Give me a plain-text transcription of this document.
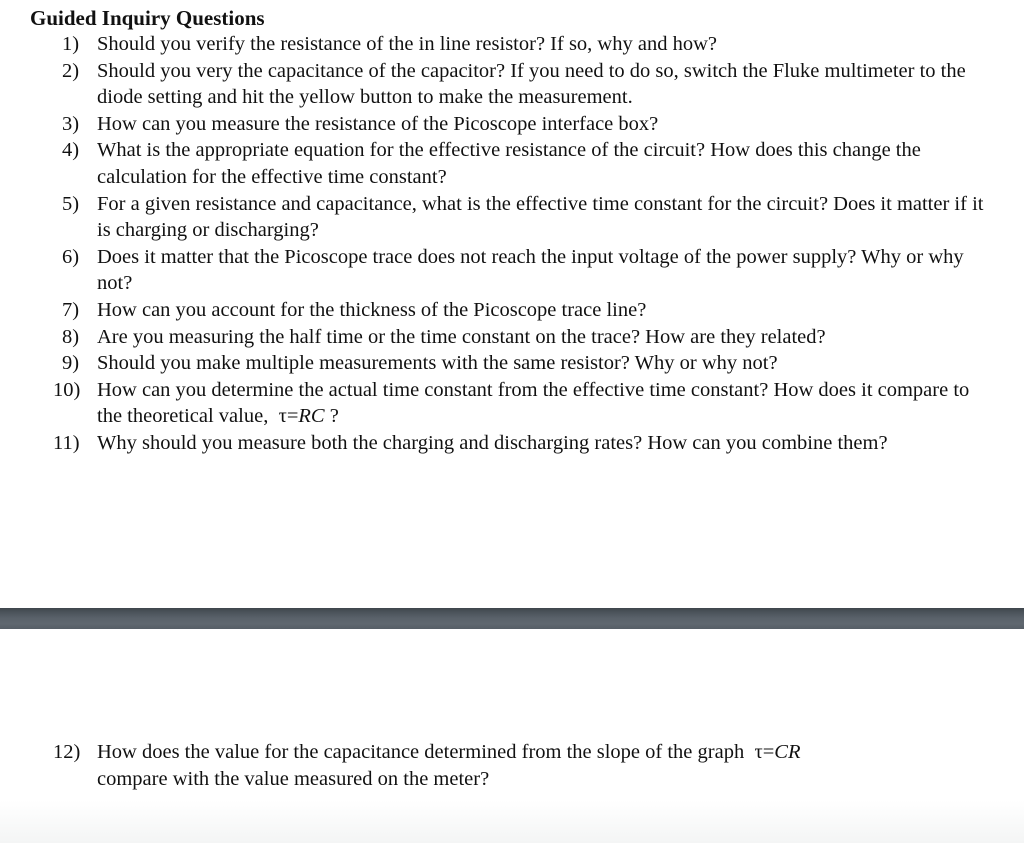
Guided Inquiry Questions
1) Should you verify the resistance of the in line resistor? If so, why and how?
2) Should you very the capacitance of the capacitor? If you need to do so, switch the Fluke multimeter to the diode setting and hit the yellow button to make the measurement.
3) How can you measure the resistance of the Picoscope interface box?
4) What is the appropriate equation for the effective resistance of the circuit? How does this change the calculation for the effective time constant?
5) For a given resistance and capacitance, what is the effective time constant for the circuit? Does it matter if it is charging or discharging?
6) Does it matter that the Picoscope trace does not reach the input voltage of the power supply? Why or why not?
7) How can you account for the thickness of the Picoscope trace line?
8) Are you measuring the half time or the time constant on the trace? How are they related?
9) Should you make multiple measurements with the same resistor? Why or why not?
10) How can you determine the actual time constant from the effective time constant? How does it compare to the theoretical value, τ=RC ?
11) Why should you measure both the charging and discharging rates? How can you combine them?
12) How does the value for the capacitance determined from the slope of the graph  τ=CR
compare with the value measured on the meter?
